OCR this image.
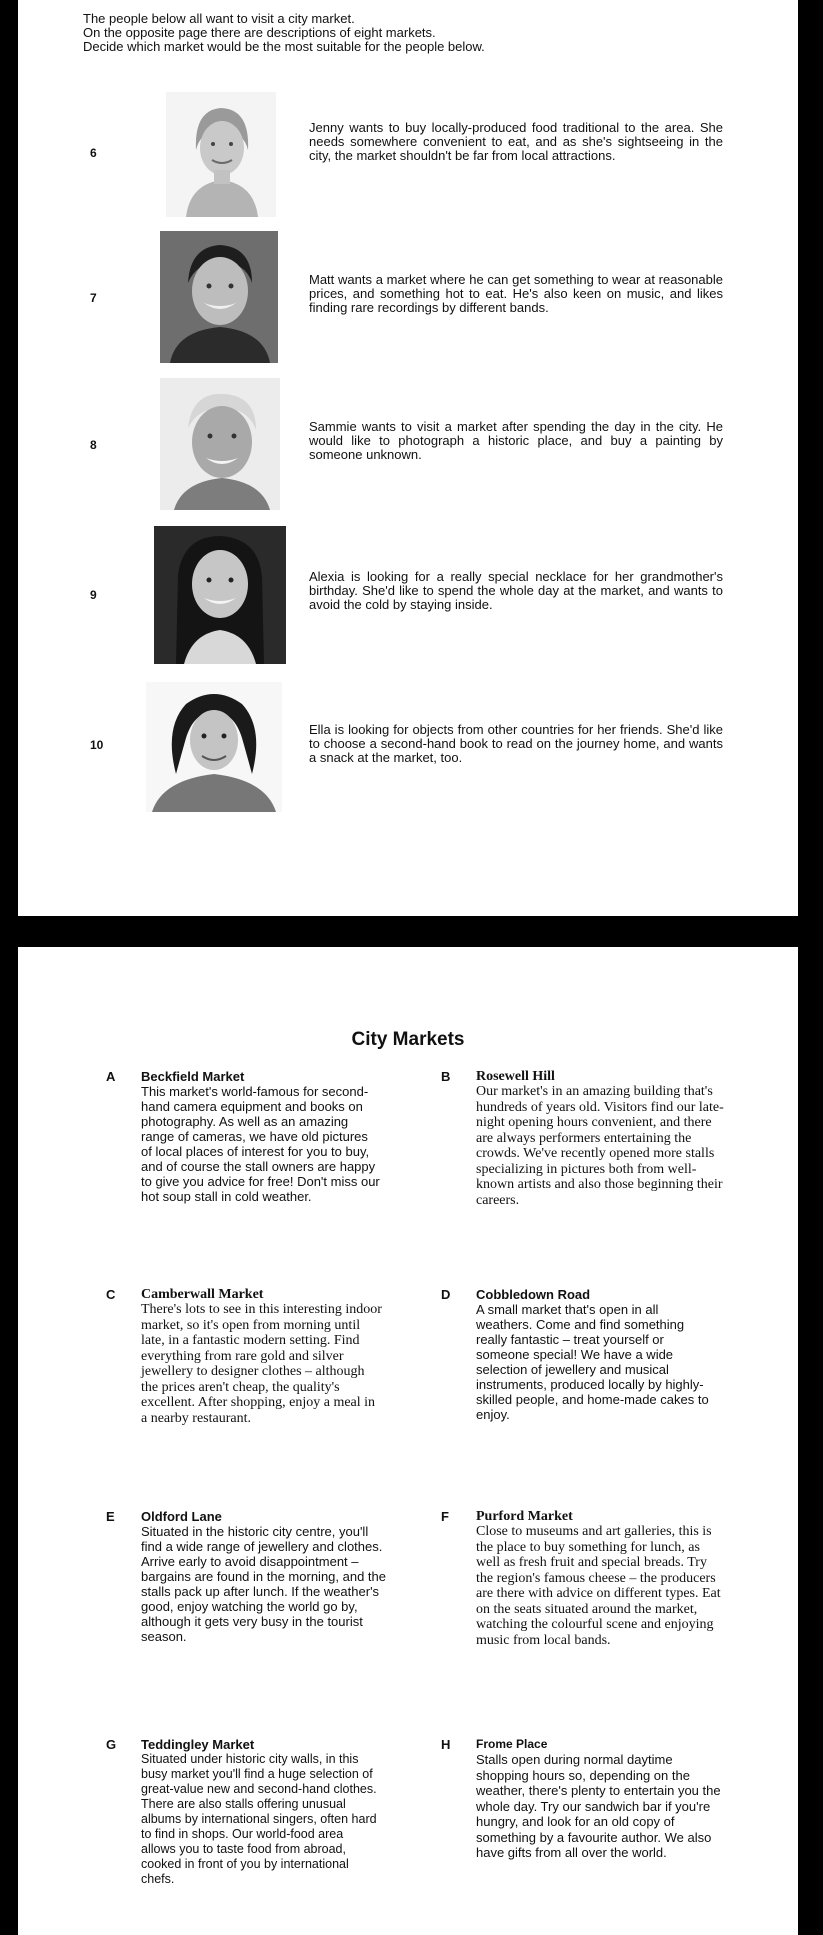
The people below all want to visit a city market.
On the opposite page there are descriptions of eight markets.
Decide which market would be the most suitable for the people below.
6
Jenny wants to buy locally-produced food traditional to the area. She needs somewhere convenient to eat, and as she's sightseeing in the city, the market shouldn't be far from local attractions.
7
Matt wants a market where he can get something to wear at reasonable prices, and something hot to eat. He's also keen on music, and likes finding rare recordings by different bands.
8
Sammie wants to visit a market after spending the day in the city. He would like to photograph a historic place, and buy a painting by someone unknown.
9
Alexia is looking for a really special necklace for her grandmother's birthday. She'd like to spend the whole day at the market, and wants to avoid the cold by staying inside.
10
Ella is looking for objects from other countries for her friends. She'd like to choose a second-hand book to read on the journey home, and wants a snack at the market, too.
City Markets
A Beckfield Market
This market's world-famous for second-hand camera equipment and books on photography. As well as an amazing range of cameras, we have old pictures of local places of interest for you to buy, and of course the stall owners are happy to give you advice for free! Don't miss our hot soup stall in cold weather.
B Rosewell Hill
Our market's in an amazing building that's hundreds of years old. Visitors find our late-night opening hours convenient, and there are always performers entertaining the crowds. We've recently opened more stalls specializing in pictures both from well-known artists and also those beginning their careers.
C Camberwall Market
There's lots to see in this interesting indoor market, so it's open from morning until late, in a fantastic modern setting. Find everything from rare gold and silver jewellery to designer clothes – although the prices aren't cheap, the quality's excellent. After shopping, enjoy a meal in a nearby restaurant.
D Cobbledown Road
A small market that's open in all weathers. Come and find something really fantastic – treat yourself or someone special! We have a wide selection of jewellery and musical instruments, produced locally by highly-skilled people, and home-made cakes to enjoy.
E Oldford Lane
Situated in the historic city centre, you'll find a wide range of jewellery and clothes. Arrive early to avoid disappointment – bargains are found in the morning, and the stalls pack up after lunch. If the weather's good, enjoy watching the world go by, although it gets very busy in the tourist season.
F Purford Market
Close to museums and art galleries, this is the place to buy something for lunch, as well as fresh fruit and special breads. Try the region's famous cheese – the producers are there with advice on different types. Eat on the seats situated around the market, watching the colourful scene and enjoying music from local bands.
G Teddingley Market
Situated under historic city walls, in this busy market you'll find a huge selection of great-value new and second-hand clothes. There are also stalls offering unusual albums by international singers, often hard to find in shops. Our world-food area allows you to taste food from abroad, cooked in front of you by international chefs.
H Frome Place
Stalls open during normal daytime shopping hours so, depending on the weather, there's plenty to entertain you the whole day. Try our sandwich bar if you're hungry, and look for an old copy of something by a favourite author. We also have gifts from all over the world.
